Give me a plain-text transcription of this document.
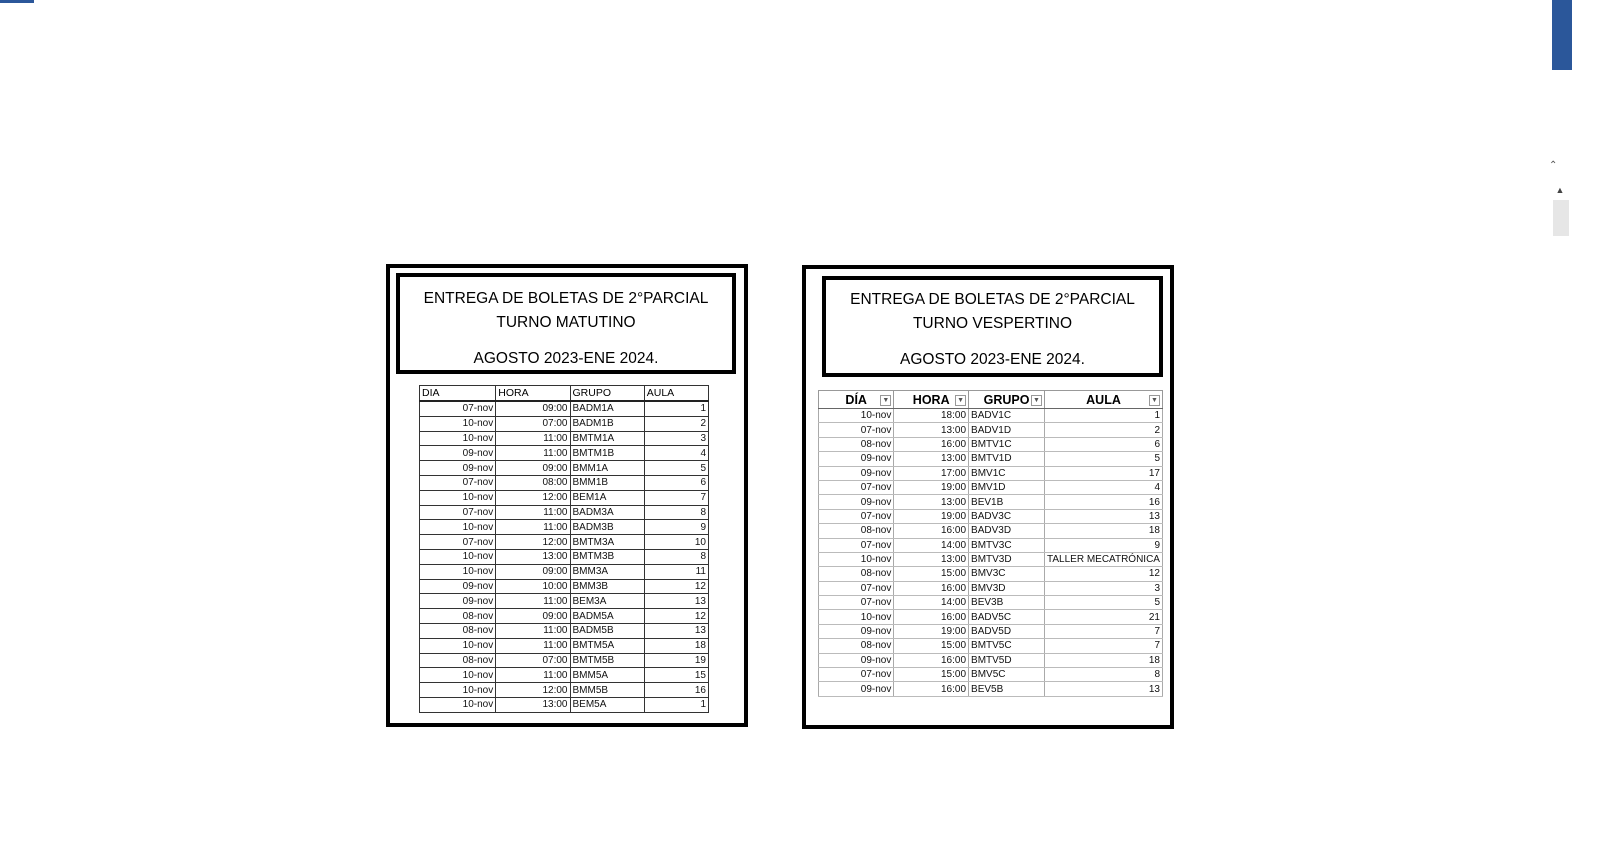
⌃
▲
ENTREGA DE BOLETAS DE 2°PARCIAL
TURNO MATUTINO
AGOSTO 2023-ENE 2024.
DIA	HORA	GRUPO	AULA
07-nov	09:00	BADM1A	1
10-nov	07:00	BADM1B	2
10-nov	11:00	BMTM1A	3
09-nov	11:00	BMTM1B	4
09-nov	09:00	BMM1A	5
07-nov	08:00	BMM1B	6
10-nov	12:00	BEM1A	7
07-nov	11:00	BADM3A	8
10-nov	11:00	BADM3B	9
07-nov	12:00	BMTM3A	10
10-nov	13:00	BMTM3B	8
10-nov	09:00	BMM3A	11
09-nov	10:00	BMM3B	12
09-nov	11:00	BEM3A	13
08-nov	09:00	BADM5A	12
08-nov	11:00	BADM5B	13
10-nov	11:00	BMTM5A	18
08-nov	07:00	BMTM5B	19
10-nov	11:00	BMM5A	15
10-nov	12:00	BMM5B	16
10-nov	13:00	BEM5A	1
ENTREGA DE BOLETAS DE 2°PARCIAL
TURNO VESPERTINO
AGOSTO 2023-ENE 2024.
DÍA ▼	HORA ▼	GRUPO ▼	AULA ▼

10-nov	18:00	BADV1C	1
07-nov	13:00	BADV1D	2
08-nov	16:00	BMTV1C	6
09-nov	13:00	BMTV1D	5
09-nov	17:00	BMV1C	17
07-nov	19:00	BMV1D	4
09-nov	13:00	BEV1B	16
07-nov	19:00	BADV3C	13
08-nov	16:00	BADV3D	18
07-nov	14:00	BMTV3C	9
10-nov	13:00	BMTV3D	TALLER MECATRÓNICA
08-nov	15:00	BMV3C	12
07-nov	16:00	BMV3D	3
07-nov	14:00	BEV3B	5
10-nov	16:00	BADV5C	21
09-nov	19:00	BADV5D	7
08-nov	15:00	BMTV5C	7
09-nov	16:00	BMTV5D	18
07-nov	15:00	BMV5C	8
09-nov	16:00	BEV5B	13
